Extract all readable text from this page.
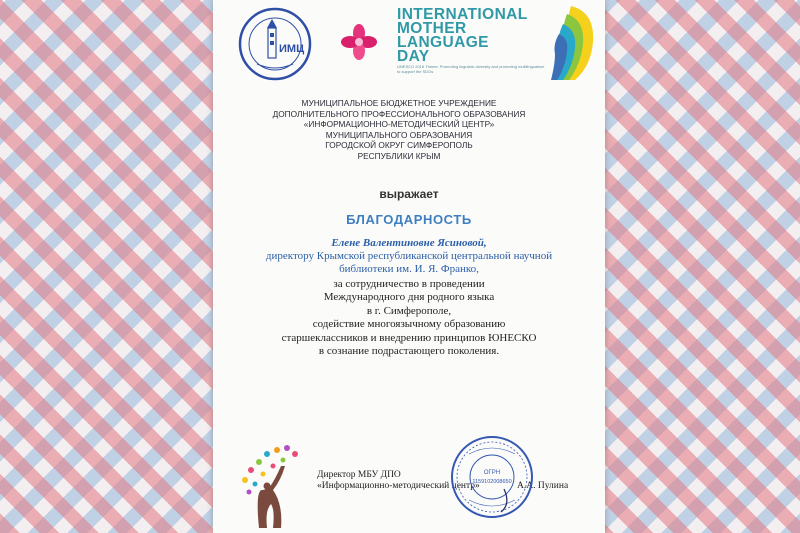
ИМЦ
INTERNATIONAL
MOTHER
LANGUAGE
DAY
UNESCO 2018 Theme: Promoting linguistic diversity and promoting multilingualism to support the SDGs
МУНИЦИПАЛЬНОЕ БЮДЖЕТНОЕ УЧРЕЖДЕНИЕ
ДОПОЛНИТЕЛЬНОГО ПРОФЕССИОНАЛЬНОГО ОБРАЗОВАНИЯ
«ИНФОРМАЦИОННО-МЕТОДИЧЕСКИЙ ЦЕНТР»
МУНИЦИПАЛЬНОГО ОБРАЗОВАНИЯ
ГОРОДСКОЙ ОКРУГ СИМФЕРОПОЛЬ
РЕСПУБЛИКИ КРЫМ
выражает
БЛАГОДАРНОСТЬ
Елене Валентиновне Ясиновой,
директору Крымской республиканской центральной научной
библиотеки им. И. Я. Франко,
за сотрудничество в проведении
Международного дня родного языка
в г. Симферополе,
содействие многоязычному образованию
старшеклассников и внедрению принципов ЮНЕСКО
в сознание подрастающего поколения.
Директор МБУ ДПО
«Информационно-методический центр»	А.А. Пулина
ОГРН
1159102008650
